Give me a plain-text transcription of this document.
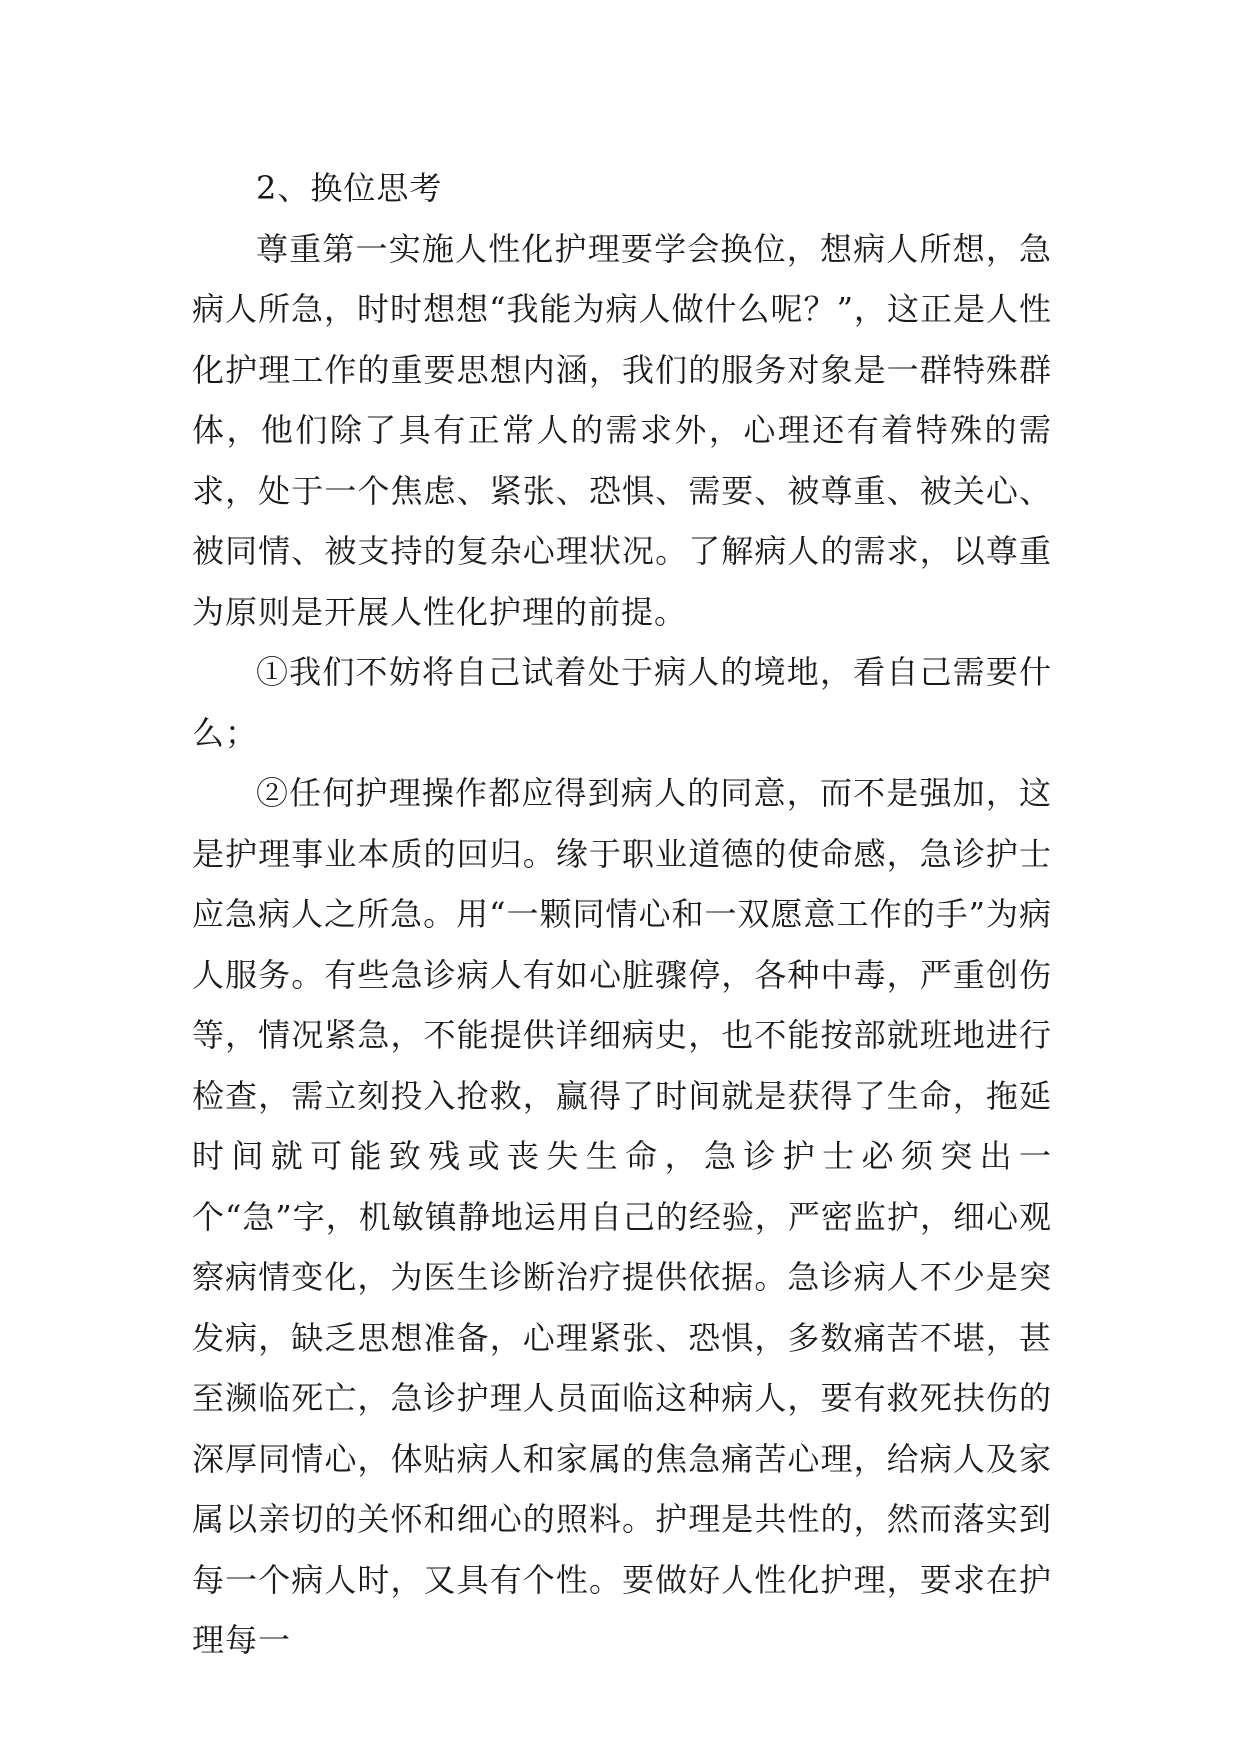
2、换位思考

尊重第一实施人性化护理要学会换位，想病人所想，急病人所急，时时想想“我能为病人做什么呢？”，这正是人性化护理工作的重要思想内涵，我们的服务对象是一群特殊群体，他们除了具有正常人的需求外，心理还有着特殊的需求，处于一个焦虑、紧张、恐惧、需要、被尊重、被关心、被同情、被支持的复杂心理状况。了解病人的需求，以尊重为原则是开展人性化护理的前提。

①我们不妨将自己试着处于病人的境地，看自己需要什么；

②任何护理操作都应得到病人的同意，而不是强加，这是护理事业本质的回归。缘于职业道德的使命感，急诊护士应急病人之所急。用“一颗同情心和一双愿意工作的手”为病人服务。有些急诊病人有如心脏骤停，各种中毒，严重创伤等，情况紧急，不能提供详细病史，也不能按部就班地进行检查，需立刻投入抢救，赢得了时间就是获得了生命，拖延时间就可能致残或丧失生命，急诊护士必须突出一个“急”字，机敏镇静地运用自己的经验，严密监护，细心观察病情变化，为医生诊断治疗提供依据。急诊病人不少是突发病，缺乏思想准备，心理紧张、恐惧，多数痛苦不堪，甚至濒临死亡，急诊护理人员面临这种病人，要有救死扶伤的深厚同情心，体贴病人和家属的焦急痛苦心理，给病人及家属以亲切的关怀和细心的照料。护理是共性的，然而落实到每一个病人时，又具有个性。要做好人性化护理，要求在护理每一
